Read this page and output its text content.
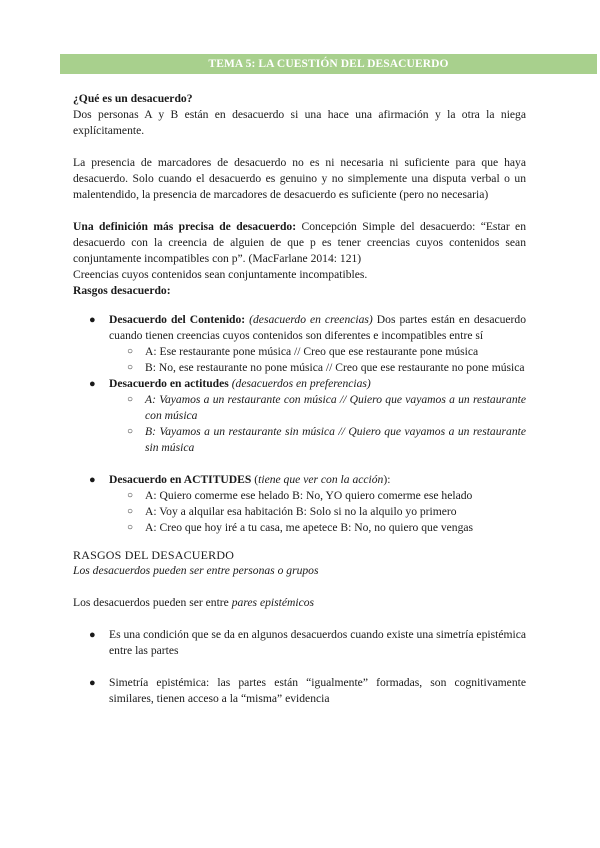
TEMA 5: LA CUESTIÓN DEL DESACUERDO

¿Qué es un desacuerdo?

Dos personas A y B están en desacuerdo si una hace una afirmación y la otra la niega explícitamente.

La presencia de marcadores de desacuerdo no es ni necesaria ni suficiente para que haya desacuerdo. Solo cuando el desacuerdo es genuino y no simplemente una disputa verbal o un malentendido, la presencia de marcadores de desacuerdo es suficiente (pero no necesaria)

Una definición más precisa de desacuerdo: Concepción Simple del desacuerdo: “Estar en desacuerdo con la creencia de alguien de que p es tener creencias cuyos contenidos sean conjuntamente incompatibles con p”. (MacFarlane 2014: 121)

Creencias cuyos contenidos sean conjuntamente incompatibles.

Rasgos desacuerdo:

● Desacuerdo del Contenido: (desacuerdo en creencias) Dos partes están en desacuerdo cuando tienen creencias cuyos contenidos son diferentes e incompatibles entre sí
○ A: Ese restaurante pone música // Creo que ese restaurante pone música
○ B: No, ese restaurante no pone música // Creo que ese restaurante no pone música
● Desacuerdo en actitudes (desacuerdos en preferencias)
○ A: Vayamos a un restaurante con música // Quiero que vayamos a un restaurante con música
○ B: Vayamos a un restaurante sin música // Quiero que vayamos a un restaurante sin música
● Desacuerdo en ACTITUDES (tiene que ver con la acción):
○ A: Quiero comerme ese helado B: No, YO quiero comerme ese helado
○ A: Voy a alquilar esa habitación B: Solo si no la alquilo yo primero
○ A: Creo que hoy iré a tu casa, me apetece B: No, no quiero que vengas

RASGOS DEL DESACUERDO

Los desacuerdos pueden ser entre personas o grupos

Los desacuerdos pueden ser entre pares epistémicos

● Es una condición que se da en algunos desacuerdos cuando existe una simetría epistémica entre las partes
● Simetría epistémica: las partes están “igualmente” formadas, son cognitivamente similares, tienen acceso a la “misma” evidencia
